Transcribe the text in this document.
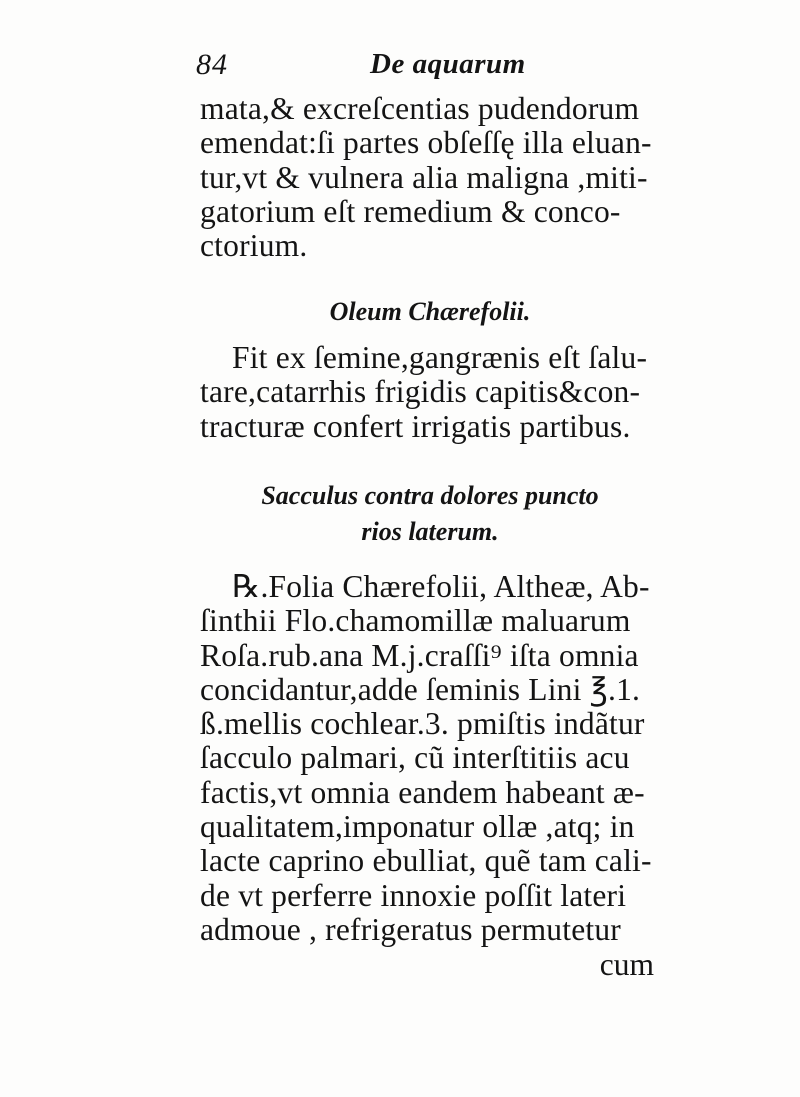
84	De aquarum
mata,& excreſcentias pudendorum
emendat:ſi partes obſeſſę illa eluan-
tur,vt & vulnera alia maligna ,miti-
gatorium eſt remedium & conco-
ctorium.
Oleum Chærefolii.
Fit ex ſemine,gangrænis eſt ſalu-
tare,catarrhis frigidis capitis&con-
tracturæ confert irrigatis partibus.
Sacculus contra dolores puncto
rios laterum.
℞.Folia Chærefolii, Altheæ, Ab-
ſinthii Flo.chamomillæ maluarum
Roſa.rub.ana M.j.craſſi⁹ iſta omnia
concidantur,adde ſeminis Lini ℥.1.
ß.mellis cochlear.3. pmiſtis indãtur
ſacculo palmari, cũ interſtitiis acu
factis,vt omnia eandem habeant æ-
qualitatem,imponatur ollæ ,atq; in
lacte caprino ebulliat, quẽ tam cali-
de vt perferre innoxie poſſit lateri
admoue , refrigeratus permutetur
cum
